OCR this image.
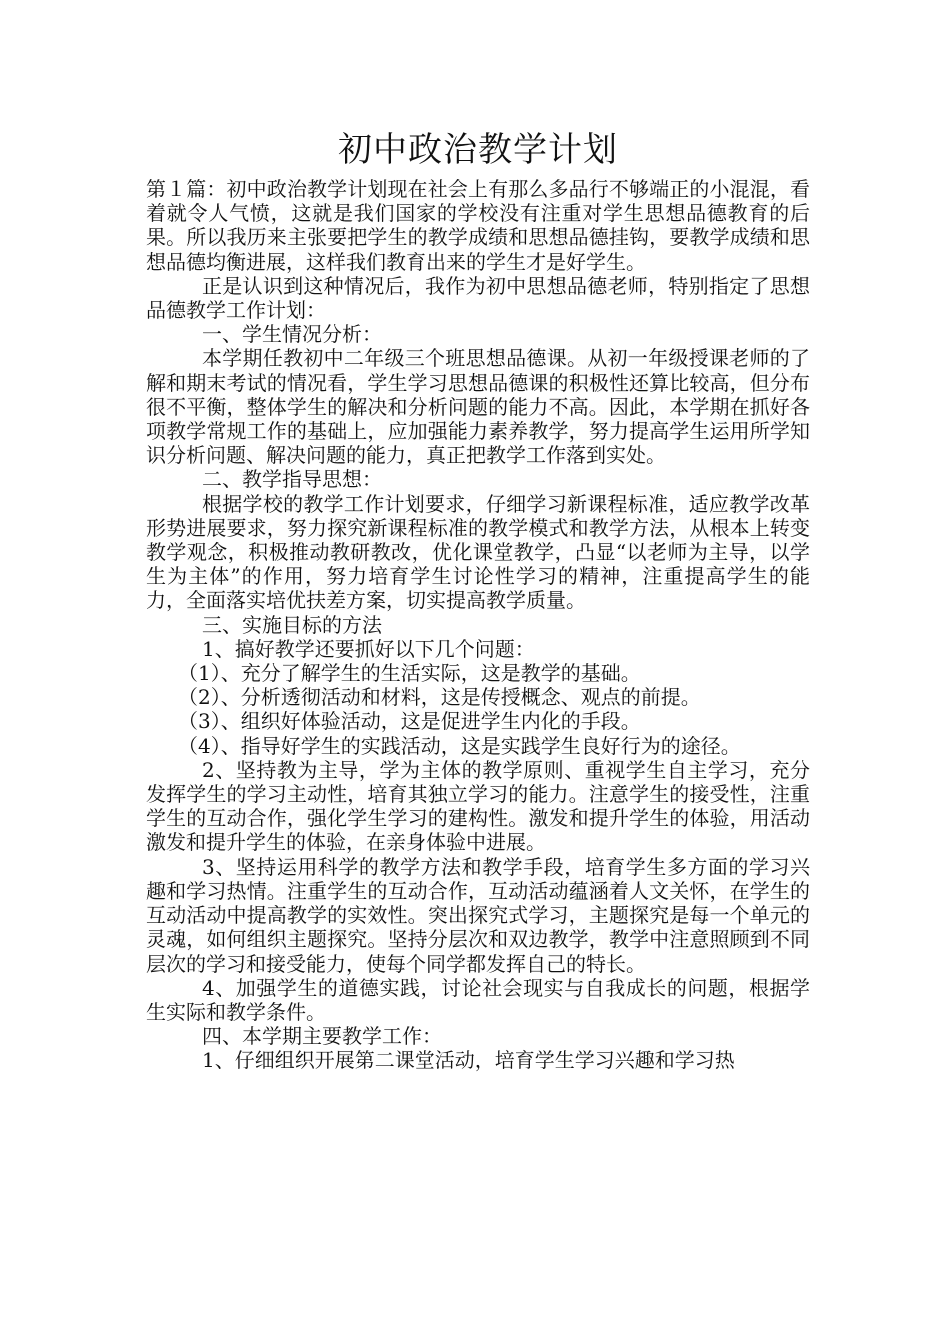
初中政治教学计划

第１篇：初中政治教学计划现在社会上有那么多品行不够端正的小混混，看着就令人气愤，这就是我们国家的学校没有注重对学生思想品德教育的后果。所以我历来主张要把学生的教学成绩和思想品德挂钩，要教学成绩和思想品德均衡进展，这样我们教育出来的学生才是好学生。

正是认识到这种情况后，我作为初中思想品德老师，特别指定了思想品德教学工作计划：

一、学生情况分析：

本学期任教初中二年级三个班思想品德课。从初一年级授课老师的了解和期末考试的情况看，学生学习思想品德课的积极性还算比较高，但分布很不平衡，整体学生的解决和分析问题的能力不高。因此，本学期在抓好各项教学常规工作的基础上，应加强能力素养教学，努力提高学生运用所学知识分析问题、解决问题的能力，真正把教学工作落到实处。

二、教学指导思想：

根据学校的教学工作计划要求，仔细学习新课程标准，适应教学改革形势进展要求，努力探究新课程标准的教学模式和教学方法，从根本上转变教学观念，积极推动教研教改，优化课堂教学，凸显“以老师为主导，以学生为主体”的作用，努力培育学生讨论性学习的精神，注重提高学生的能力，全面落实培优扶差方案，切实提高教学质量。

三、实施目标的方法

1、搞好教学还要抓好以下几个问题：

（1）、充分了解学生的生活实际，这是教学的基础。

（2）、分析透彻活动和材料，这是传授概念、观点的前提。

（3）、组织好体验活动，这是促进学生内化的手段。

（4）、指导好学生的实践活动，这是实践学生良好行为的途径。

2、坚持教为主导，学为主体的教学原则、重视学生自主学习，充分发挥学生的学习主动性，培育其独立学习的能力。注意学生的接受性，注重学生的互动合作，强化学生学习的建构性。激发和提升学生的体验，用活动激发和提升学生的体验，在亲身体验中进展。

3、坚持运用科学的教学方法和教学手段，培育学生多方面的学习兴趣和学习热情。注重学生的互动合作，互动活动蕴涵着人文关怀，在学生的互动活动中提高教学的实效性。突出探究式学习，主题探究是每一个单元的灵魂，如何组织主题探究。坚持分层次和双边教学，教学中注意照顾到不同层次的学习和接受能力，使每个同学都发挥自己的特长。

4、加强学生的道德实践，讨论社会现实与自我成长的问题，根据学生实际和教学条件。

四、本学期主要教学工作：

1、仔细组织开展第二课堂活动，培育学生学习兴趣和学习热
